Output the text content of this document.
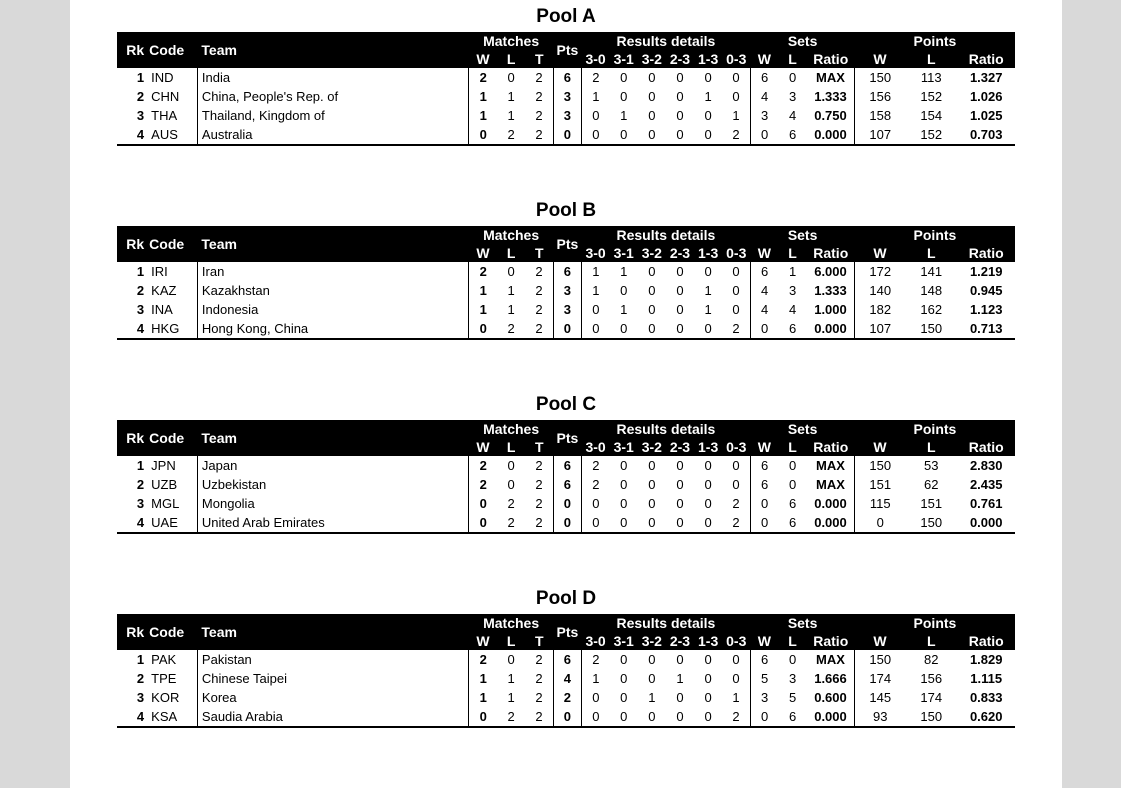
Pool A
Rk	Code	Team	Matches			Pts	Results details						Sets			Points		
			W	L	T		3-0	3-1	3-2	2-3	1-3	0-3	W	L	Ratio	W	L	Ratio
1	IND	India	2	0	2	6	2	0	0	0	0	0	6	0	MAX	150	113	1.327
2	CHN	China, People's Rep. of	1	1	2	3	1	0	0	0	1	0	4	3	1.333	156	152	1.026
3	THA	Thailand, Kingdom of	1	1	2	3	0	1	0	0	0	1	3	4	0.750	158	154	1.025
4	AUS	Australia	0	2	2	0	0	0	0	0	0	2	0	6	0.000	107	152	0.703
Pool B
Rk	Code	Team	Matches			Pts	Results details						Sets			Points		
			W	L	T		3-0	3-1	3-2	2-3	1-3	0-3	W	L	Ratio	W	L	Ratio
1	IRI	Iran	2	0	2	6	1	1	0	0	0	0	6	1	6.000	172	141	1.219
2	KAZ	Kazakhstan	1	1	2	3	1	0	0	0	1	0	4	3	1.333	140	148	0.945
3	INA	Indonesia	1	1	2	3	0	1	0	0	1	0	4	4	1.000	182	162	1.123
4	HKG	Hong Kong, China	0	2	2	0	0	0	0	0	0	2	0	6	0.000	107	150	0.713
Pool C
Rk	Code	Team	Matches			Pts	Results details						Sets			Points		
			W	L	T		3-0	3-1	3-2	2-3	1-3	0-3	W	L	Ratio	W	L	Ratio
1	JPN	Japan	2	0	2	6	2	0	0	0	0	0	6	0	MAX	150	53	2.830
2	UZB	Uzbekistan	2	0	2	6	2	0	0	0	0	0	6	0	MAX	151	62	2.435
3	MGL	Mongolia	0	2	2	0	0	0	0	0	0	2	0	6	0.000	115	151	0.761
4	UAE	United Arab Emirates	0	2	2	0	0	0	0	0	0	2	0	6	0.000	0	150	0.000
Pool D
Rk	Code	Team	Matches			Pts	Results details						Sets			Points		
			W	L	T		3-0	3-1	3-2	2-3	1-3	0-3	W	L	Ratio	W	L	Ratio
1	PAK	Pakistan	2	0	2	6	2	0	0	0	0	0	6	0	MAX	150	82	1.829
2	TPE	Chinese Taipei	1	1	2	4	1	0	0	1	0	0	5	3	1.666	174	156	1.115
3	KOR	Korea	1	1	2	2	0	0	1	0	0	1	3	5	0.600	145	174	0.833
4	KSA	Saudia Arabia	0	2	2	0	0	0	0	0	0	2	0	6	0.000	93	150	0.620
